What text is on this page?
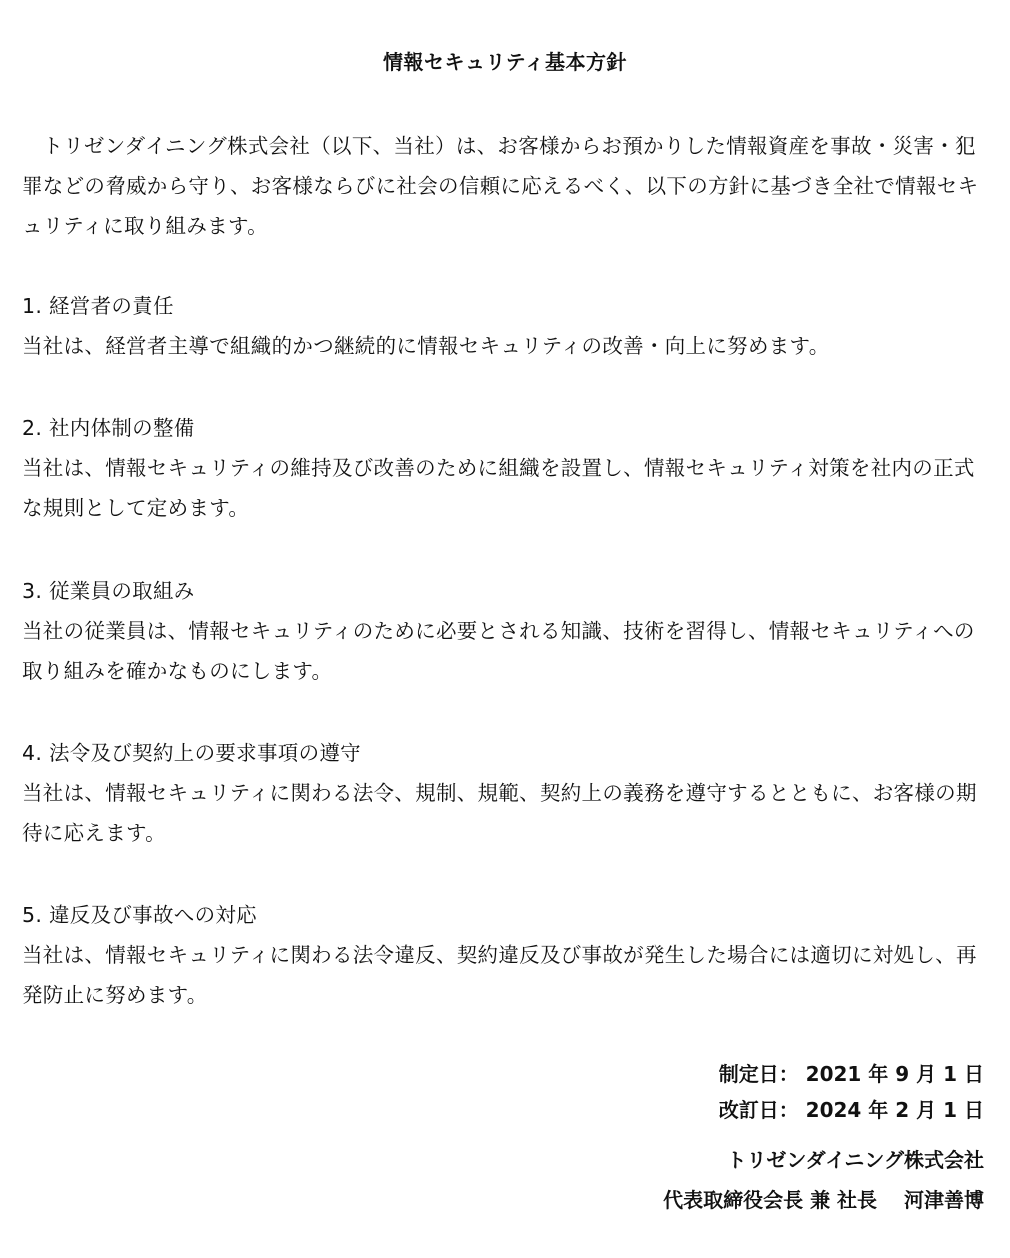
情報セキュリティ基本方針
トリゼンダイニング株式会社（以下、当社）は、お客様からお預かりした情報資産を事故・災害・犯罪などの脅威から守り、お客様ならびに社会の信頼に応えるべく、以下の方針に基づき全社で情報セキュリティに取り組みます。
1. 経営者の責任
当社は、経営者主導で組織的かつ継続的に情報セキュリティの改善・向上に努めます。
2. 社内体制の整備
当社は、情報セキュリティの維持及び改善のために組織を設置し、情報セキュリティ対策を社内の正式な規則として定めます。
3. 従業員の取組み
当社の従業員は、情報セキュリティのために必要とされる知識、技術を習得し、情報セキュリティへの取り組みを確かなものにします。
4. 法令及び契約上の要求事項の遵守
当社は、情報セキュリティに関わる法令、規制、規範、契約上の義務を遵守するとともに、お客様の期待に応えます。
5. 違反及び事故への対応
当社は、情報セキュリティに関わる法令違反、契約違反及び事故が発生した場合には適切に対処し、再発防止に努めます。
制定日： 2021 年 9 月 1 日
改訂日： 2024 年 2 月 1 日
トリゼンダイニング株式会社
代表取締役会長 兼 社長　 河津善博
